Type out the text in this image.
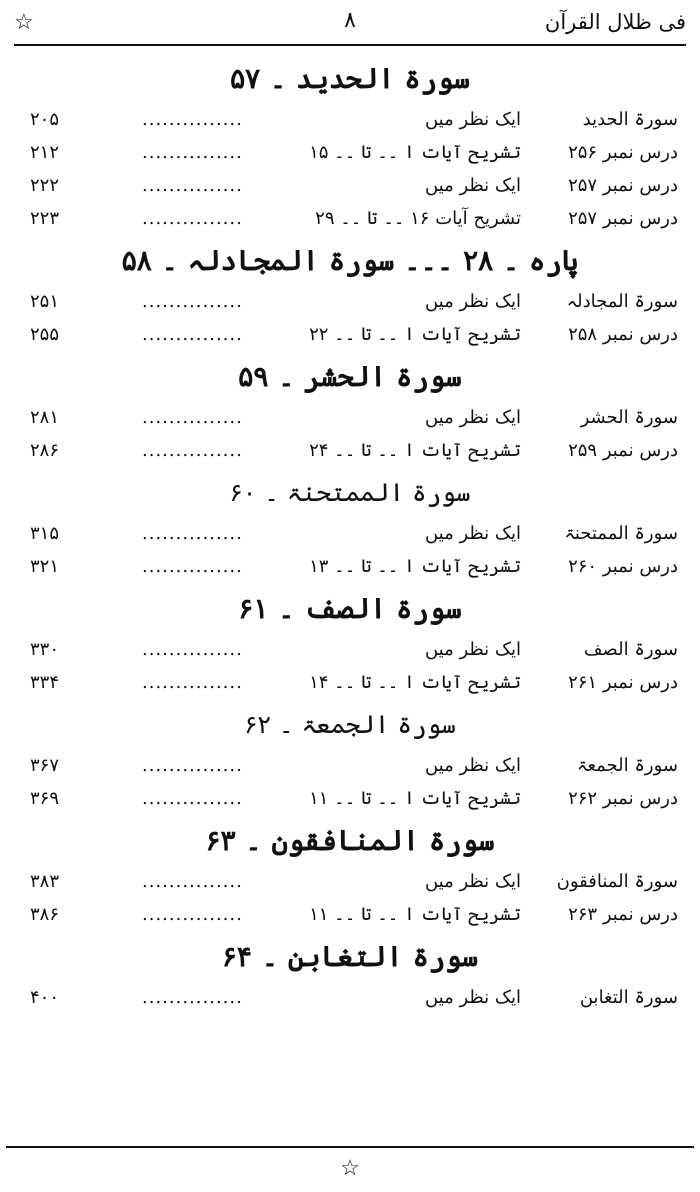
☆	٨	فی ظلال القرآن
سورۃ الحدید ۔ ۵۷
سورۃ الحدید
ایک نظر میں
...............
۲۰۵
درس نمبر ۲۵۶
تشریح آیات ا ۔۔ تا ۔۔ ۱۵
...............
۲۱۲
درس نمبر ۲۵۷
ایک نظر میں
...............
۲۲۲
درس نمبر ۲۵۷
تشریح آیات ۱۶ ۔۔ تا ۔۔ ۲۹
...............
۲۲۳
پارہ ۔ ۲۸ ۔۔۔ سورۃ المجادلہ ۔ ۵۸
سورۃ المجادلہ
ایک نظر میں
...............
۲۵۱
درس نمبر ۲۵۸
تشریح آیات ا ۔۔ تا ۔۔ ۲۲
...............
۲۵۵
سورۃ الحشر ۔ ۵۹
سورۃ الحشر
ایک نظر میں
...............
۲۸۱
درس نمبر ۲۵۹
تشریح آیات ا ۔۔ تا ۔۔ ۲۴
...............
۲۸۶
سورۃ الممتحنۃ ۔ ۶۰
سورۃ الممتحنۃ
ایک نظر میں
...............
۳۱۵
درس نمبر ۲۶۰
تشریح آیات ا ۔۔ تا ۔۔ ۱۳
...............
۳۲۱
سورۃ الصف ۔ ۶۱
سورۃ الصف
ایک نظر میں
...............
۳۳۰
درس نمبر ۲۶۱
تشریح آیات ا ۔۔ تا ۔۔ ۱۴
...............
۳۳۴
سورۃ الجمعۃ ۔ ۶۲
سورۃ الجمعۃ
ایک نظر میں
...............
۳۶۷
درس نمبر ۲۶۲
تشریح آیات ا ۔۔ تا ۔۔ ۱۱
...............
۳۶۹
سورۃ المنافقون ۔ ۶۳
سورۃ المنافقون
ایک نظر میں
...............
۳۸۳
درس نمبر ۲۶۳
تشریح آیات ا ۔۔ تا ۔۔ ۱۱
...............
۳۸۶
سورۃ التغابن ۔ ۶۴
سورۃ التغابن
ایک نظر میں
...............
۴۰۰
☆
